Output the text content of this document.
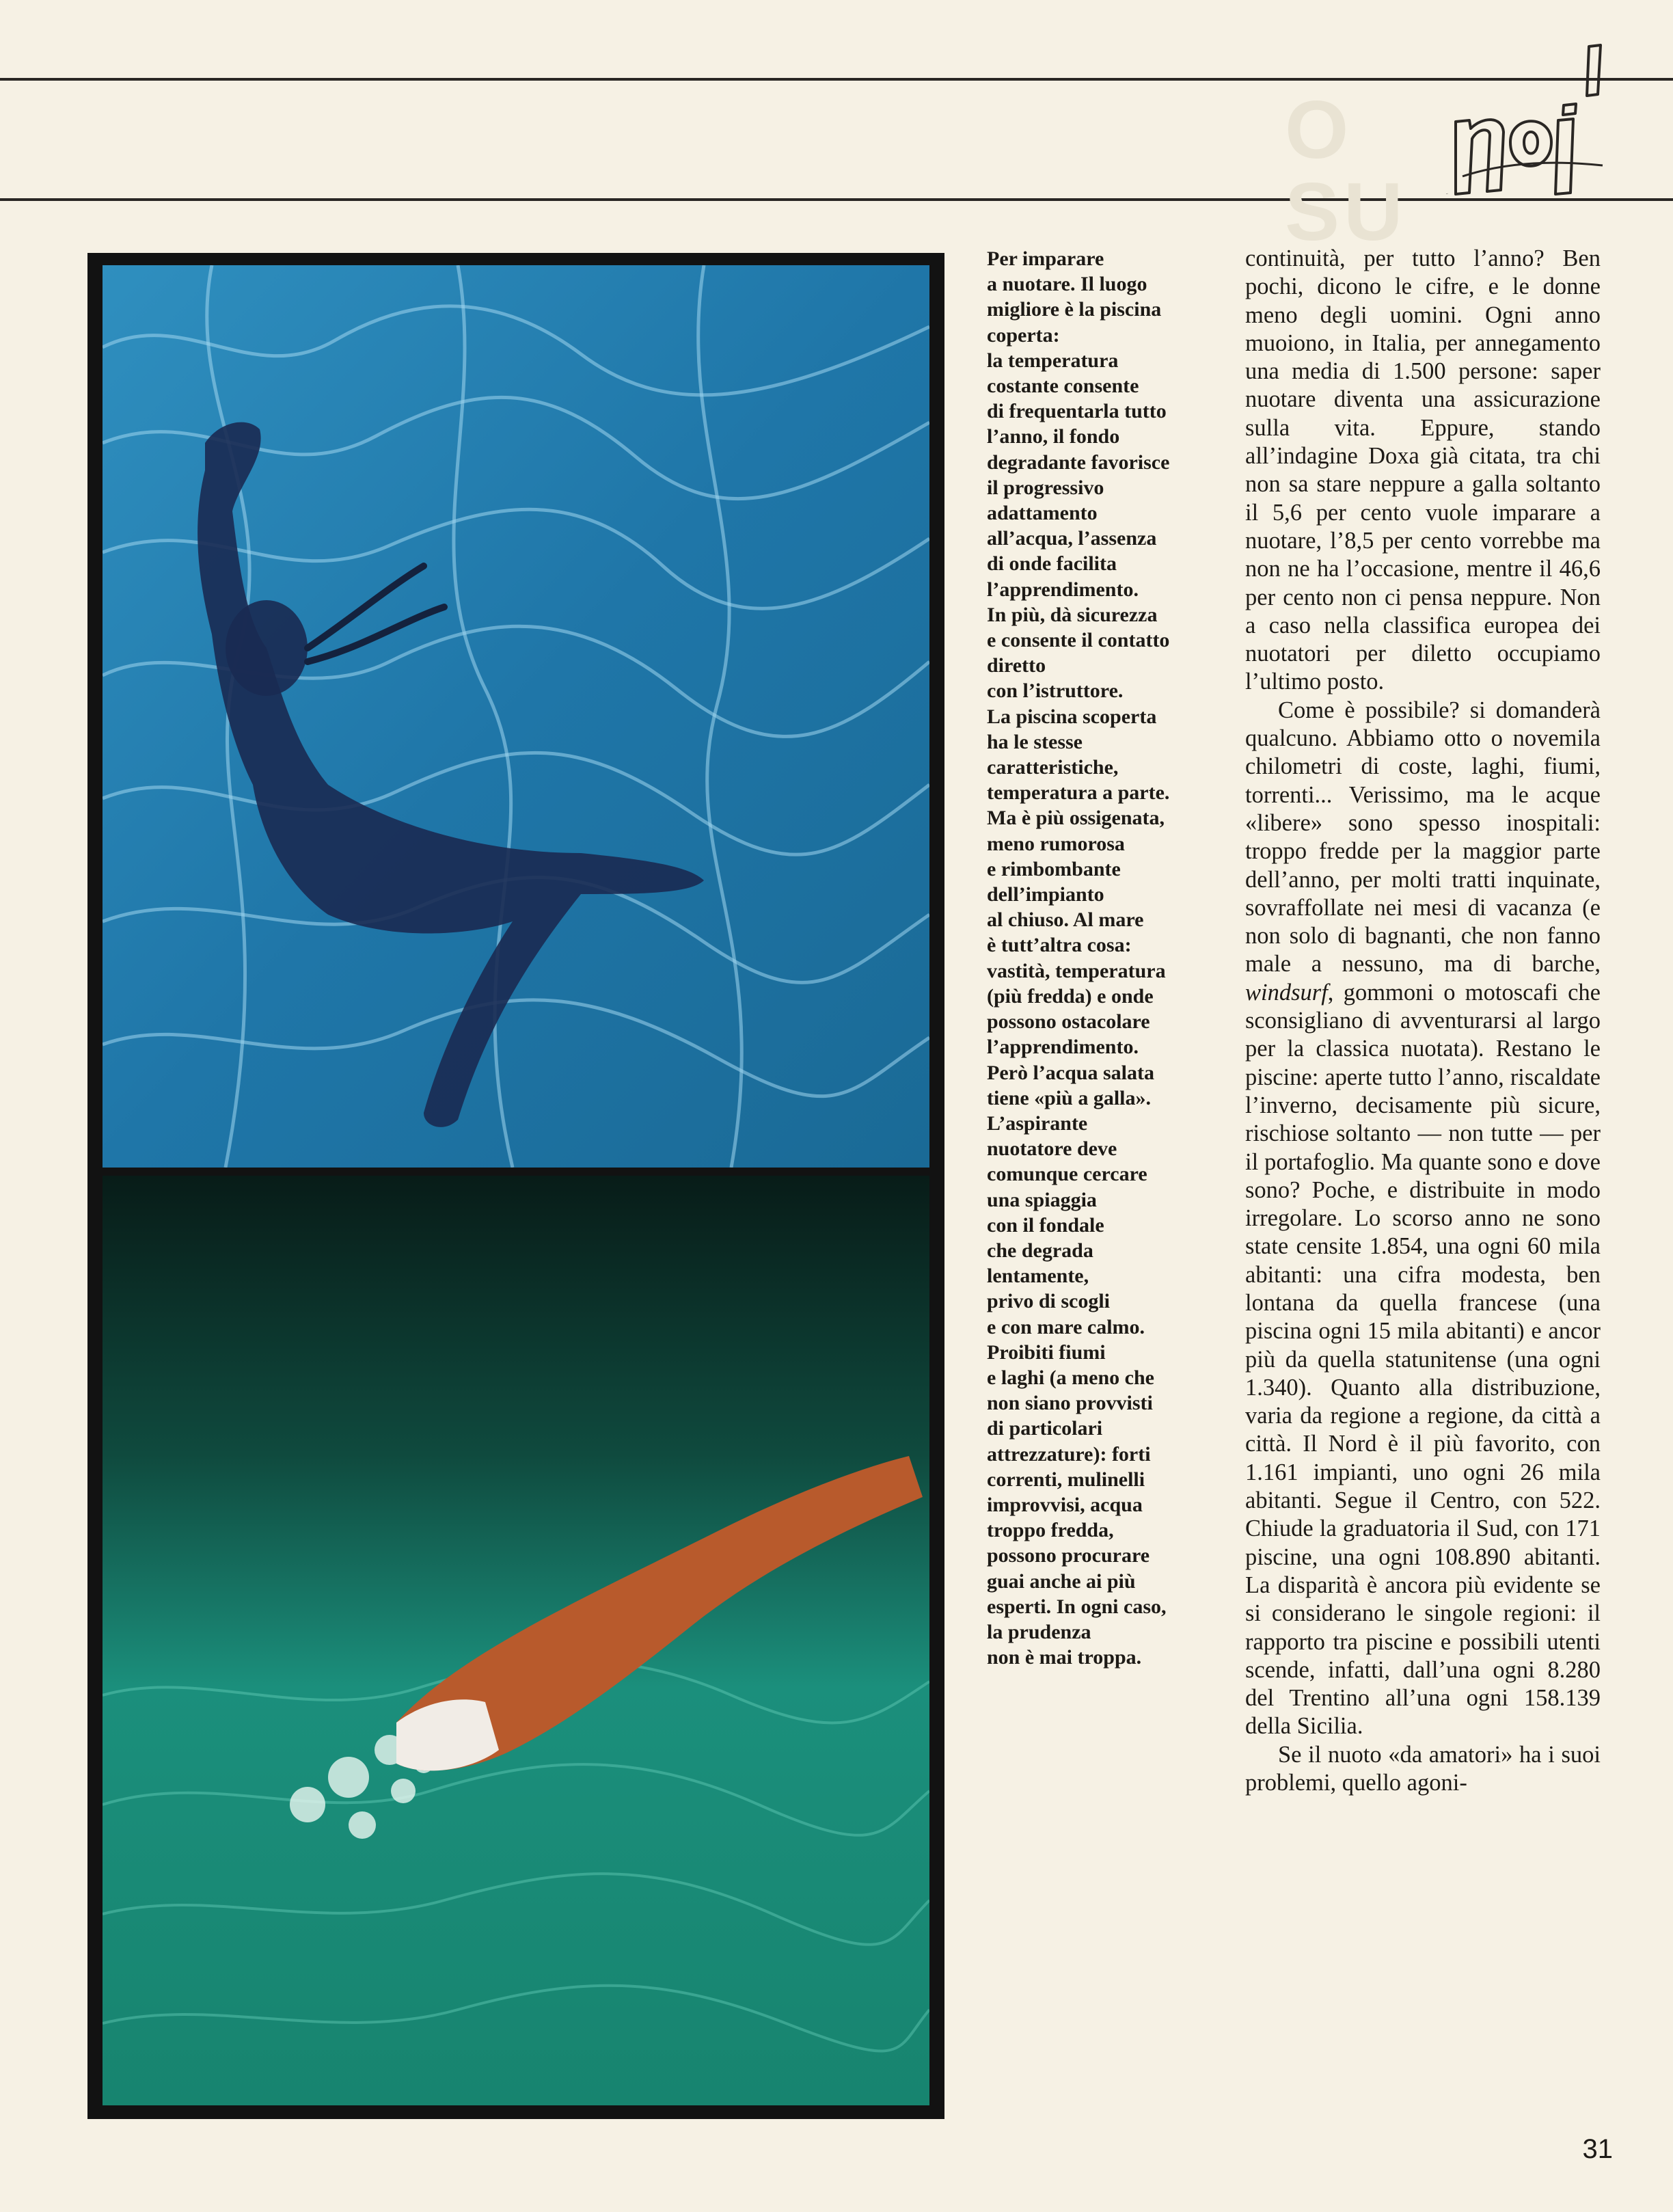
O SU	noi
Per imparare
a nuotare. Il luogo
migliore è la piscina
coperta:
la temperatura
costante consente
di frequentarla tutto
l’anno, il fondo
degradante favorisce
il progressivo
adattamento
all’acqua, l’assenza
di onde facilita
l’apprendimento.
In più, dà sicurezza
e consente il contatto
diretto
con l’istruttore.
La piscina scoperta
ha le stesse
caratteristiche,
temperatura a parte.
Ma è più ossigenata,
meno rumorosa
e rimbombante
dell’impianto
al chiuso. Al mare
è tutt’altra cosa:
vastità, temperatura
(più fredda) e onde
possono ostacolare
l’apprendimento.
Però l’acqua salata
tiene «più a galla».
L’aspirante
nuotatore deve
comunque cercare
una spiaggia
con il fondale
che degrada
lentamente,
privo di scogli
e con mare calmo.
Proibiti fiumi
e laghi (a meno che
non siano provvisti
di particolari
attrezzature): forti
correnti, mulinelli
improvvisi, acqua
troppo fredda,
possono procurare
guai anche ai più
esperti. In ogni caso,
la prudenza
non è mai troppa.

continuità, per tutto l’anno? Ben pochi, dicono le cifre, e le donne meno degli uomini. Ogni anno muoiono, in Italia, per annegamento una media di 1.500 persone: saper nuotare diventa una assicurazione sulla vita. Eppure, stando all’indagine Doxa già citata, tra chi non sa stare neppure a galla soltanto il 5,6 per cento vuole imparare a nuotare, l’8,5 per cento vorrebbe ma non ne ha l’occasione, mentre il 46,6 per cento non ci pensa neppure. Non a caso nella classifica europea dei nuotatori per diletto occupiamo l’ultimo posto.

Come è possibile? si domanderà qualcuno. Abbiamo otto o novemila chilometri di coste, laghi, fiumi, torrenti... Verissimo, ma le acque «libere» sono spesso inospitali: troppo fredde per la maggior parte dell’anno, per molti tratti inquinate, sovraffollate nei mesi di vacanza (e non solo di bagnanti, che non fanno male a nessuno, ma di barche, windsurf, gommoni o motoscafi che sconsigliano di avventurarsi al largo per la classica nuotata). Restano le piscine: aperte tutto l’anno, riscaldate l’inverno, decisamente più sicure, rischiose soltanto — non tutte — per il portafoglio. Ma quante sono e dove sono? Poche, e distribuite in modo irregolare. Lo scorso anno ne sono state censite 1.854, una ogni 60 mila abitanti: una cifra modesta, ben lontana da quella francese (una piscina ogni 15 mila abitanti) e ancor più da quella statunitense (una ogni 1.340). Quanto alla distribuzione, varia da regione a regione, da città a città. Il Nord è il più favorito, con 1.161 impianti, uno ogni 26 mila abitanti. Segue il Centro, con 522. Chiude la graduatoria il Sud, con 171 piscine, una ogni 108.890 abitanti. La disparità è ancora più evidente se si considerano le singole regioni: il rapporto tra piscine e possibili utenti scende, infatti, dall’una ogni 8.280 del Trentino all’una ogni 158.139 della Sicilia.

Se il nuoto «da amatori» ha i suoi problemi, quello agoni-

31
